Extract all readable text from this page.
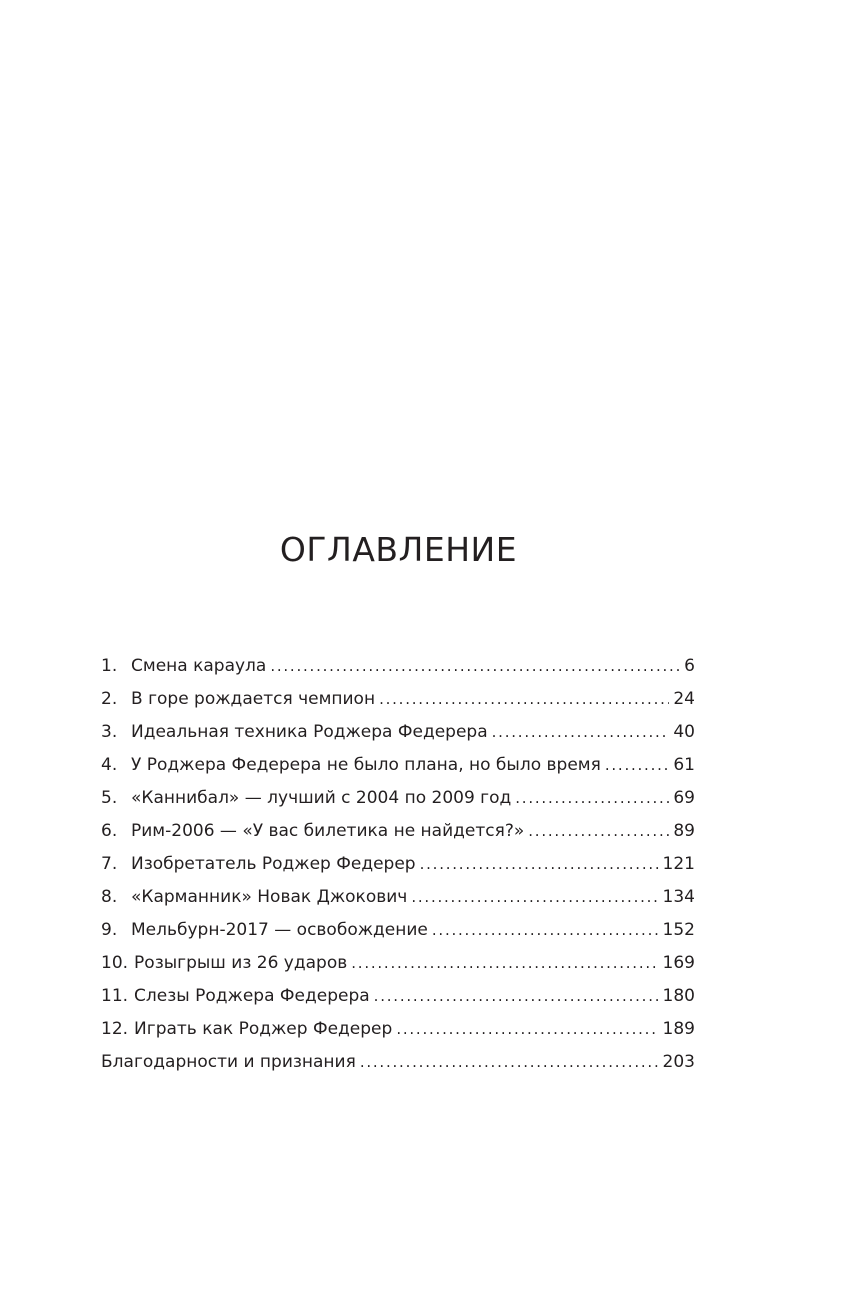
ОГЛАВЛЕНИЕ
1. Смена караула . . .	6
2. В горе рождается чемпион . . .	24
3. Идеальная техника Роджера Федерера . . .	40
4. У Роджера Федерера не было плана, но было время . . .	61
5. «Каннибал» — лучший с 2004 по 2009 год . . .	69
6. Рим-2006 — «У вас билетика не найдется?» . . .	89
7. Изобретатель Роджер Федерер . . .	121
8. «Карманник» Новак Джокович . . .	134
9. Мельбурн-2017 — освобождение . . .	152
10. Розыгрыш из 26 ударов . . .	169
11. Слезы Роджера Федерера . . .	180
12. Играть как Роджер Федерер . . .	189
Благодарности и признания . . .	203
